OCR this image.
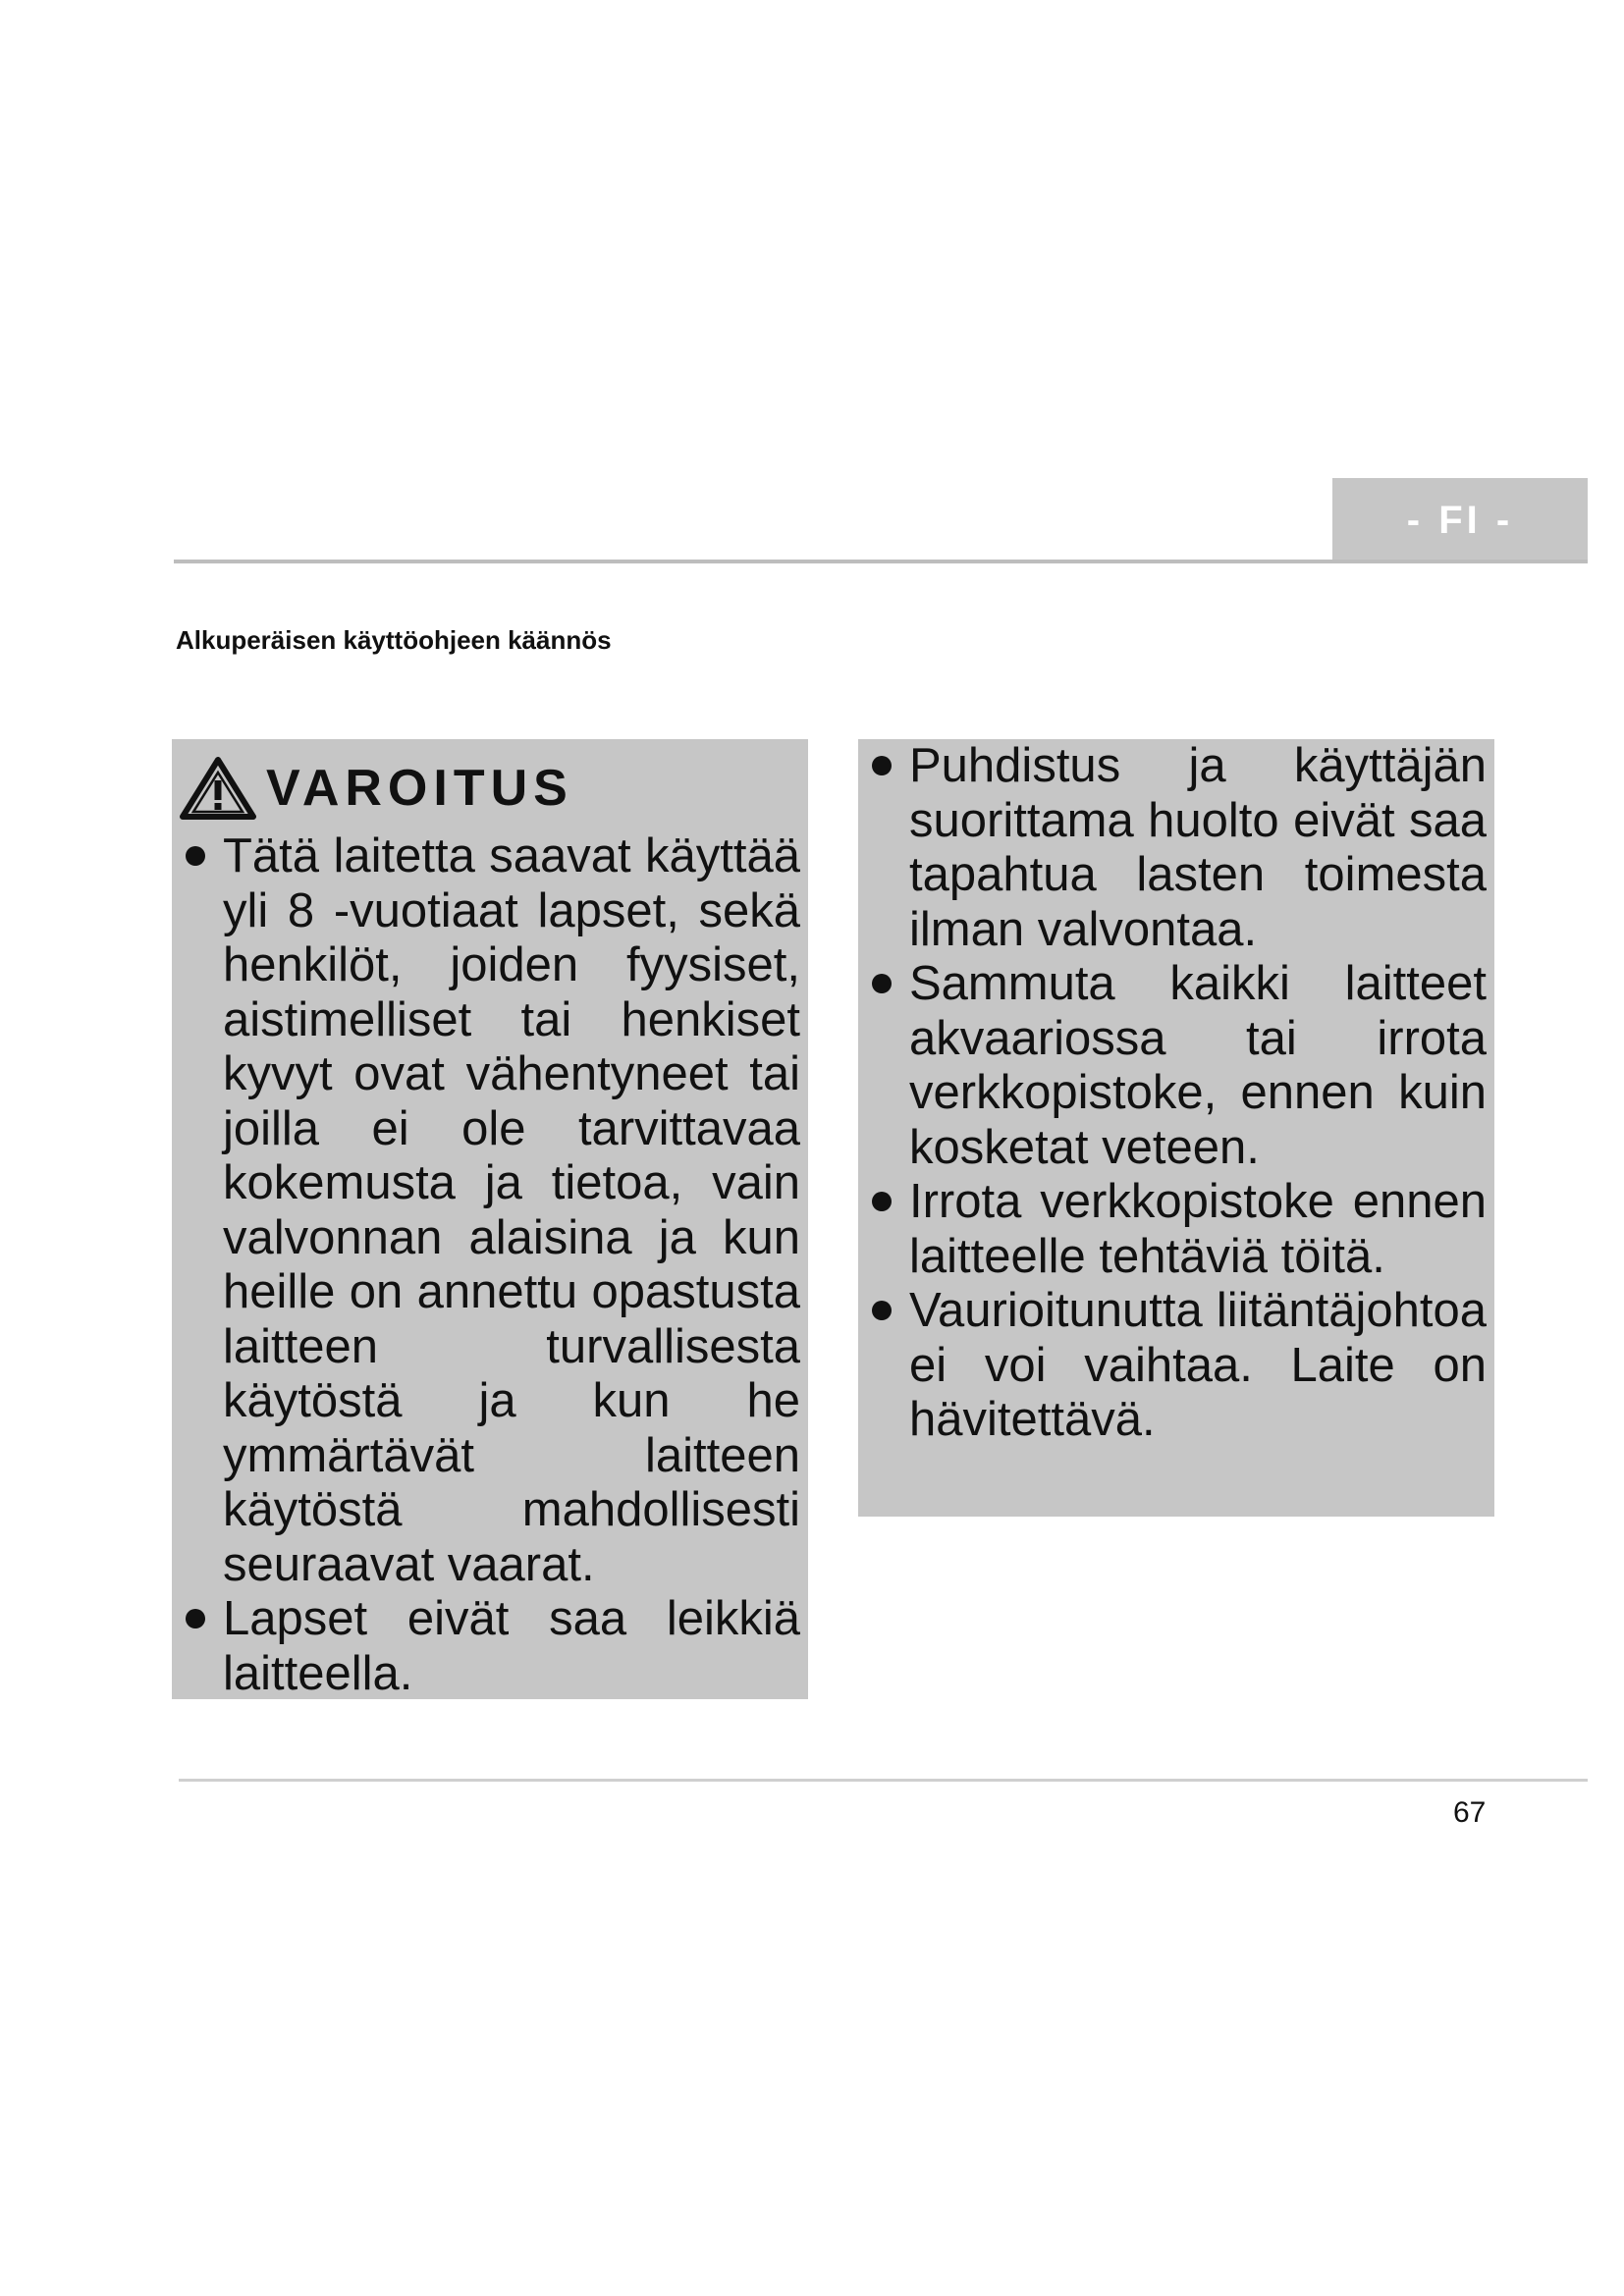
- FI -
Alkuperäisen käyttöohjeen käännös
VAROITUS
Tätä laitetta saavat käyttää yli 8 -vuotiaat lapset, sekä henkilöt, joiden fyysiset, aistimelliset tai henkiset kyvyt ovat vähentyneet tai joilla ei ole tarvittavaa kokemusta ja tietoa, vain valvonnan alaisina ja kun heille on annettu opastusta laitteen turvallisesta käytöstä ja kun he ymmärtävät laitteen käytöstä mahdollisesti seuraavat vaarat.
Lapset eivät saa leikkiä laitteella.
Puhdistus ja käyttäjän suorittama huolto eivät saa tapahtua lasten toimesta ilman valvontaa.
Sammuta kaikki laitteet akvaariossa tai irrota verkkopistoke, ennen kuin kosketat veteen.
Irrota verkkopistoke ennen laitteelle tehtäviä töitä.
Vaurioitunutta liitäntäjohtoa ei voi vaihtaa. Laite on hävitettävä.
67
